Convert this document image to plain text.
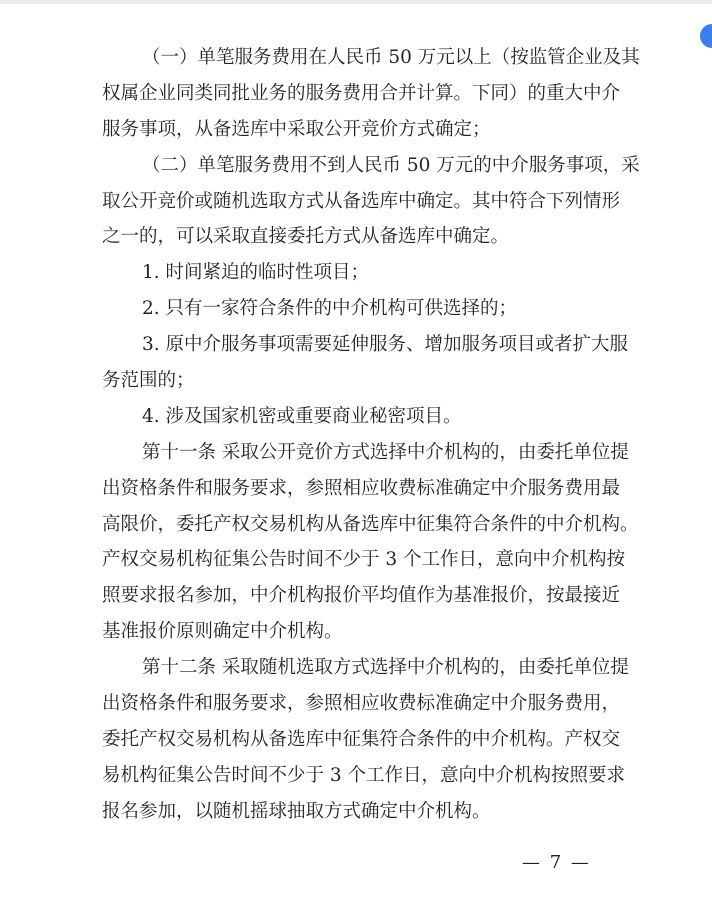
（一）单笔服务费用在人民币 50 万元以上（按监管企业及其
权属企业同类同批业务的服务费用合并计算。下同）的重大中介
服务事项，从备选库中采取公开竞价方式确定；
（二）单笔服务费用不到人民币 50 万元的中介服务事项，采
取公开竞价或随机选取方式从备选库中确定。其中符合下列情形
之一的，可以采取直接委托方式从备选库中确定。
1. 时间紧迫的临时性项目；
2. 只有一家符合条件的中介机构可供选择的；
3. 原中介服务事项需要延伸服务、增加服务项目或者扩大服
务范围的；
4. 涉及国家机密或重要商业秘密项目。
第十一条 采取公开竞价方式选择中介机构的，由委托单位提
出资格条件和服务要求，参照相应收费标准确定中介服务费用最
高限价，委托产权交易机构从备选库中征集符合条件的中介机构。
产权交易机构征集公告时间不少于 3 个工作日，意向中介机构按
照要求报名参加，中介机构报价平均值作为基准报价，按最接近
基准报价原则确定中介机构。
第十二条 采取随机选取方式选择中介机构的，由委托单位提
出资格条件和服务要求，参照相应收费标准确定中介服务费用，
委托产权交易机构从备选库中征集符合条件的中介机构。产权交
易机构征集公告时间不少于 3 个工作日，意向中介机构按照要求
报名参加，以随机摇球抽取方式确定中介机构。
— 7 —
